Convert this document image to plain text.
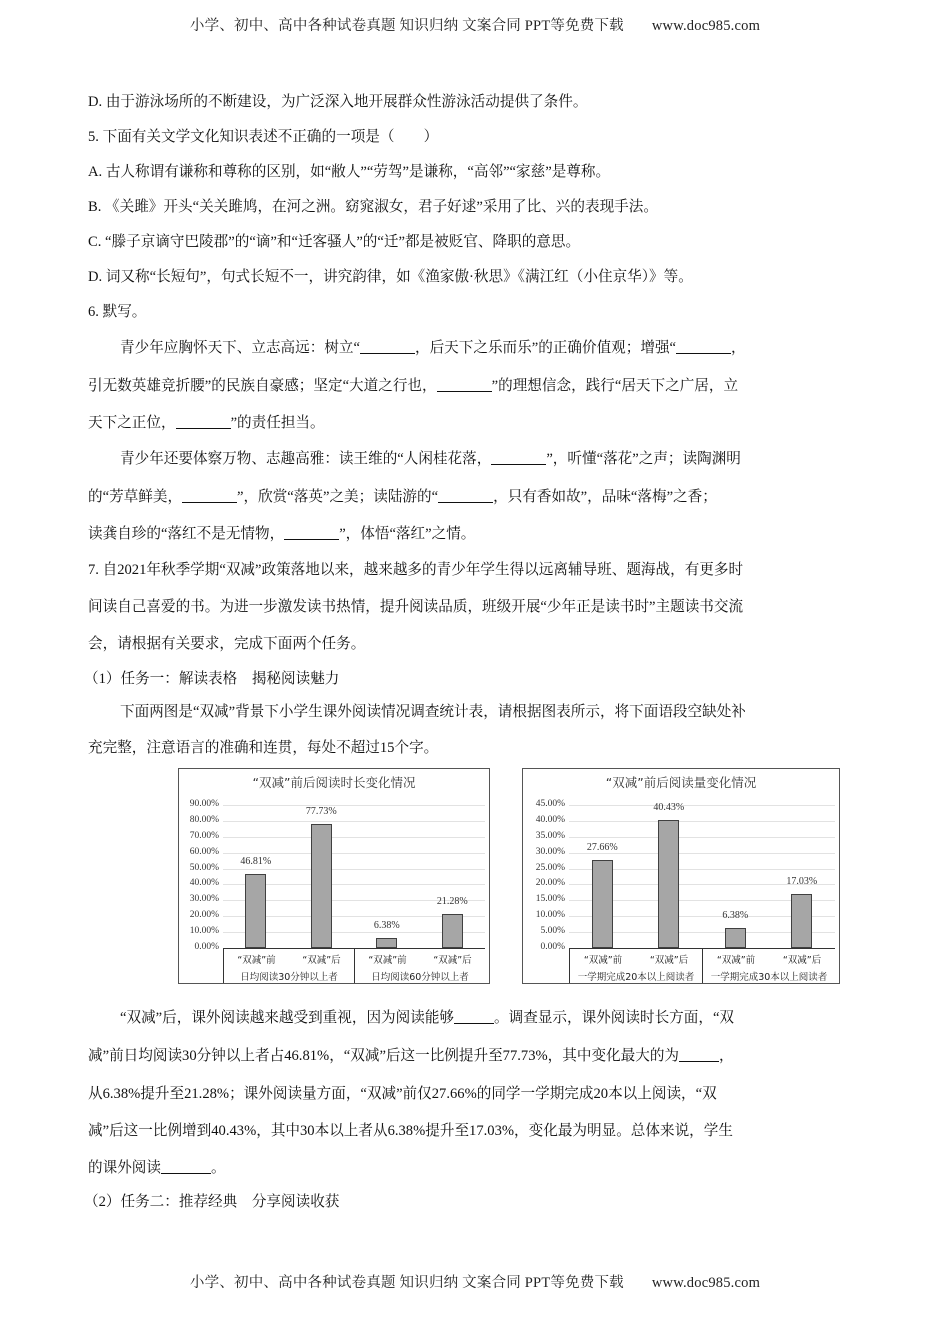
小学、初中、高中各种试卷真题 知识归纳 文案合同 PPT等免费下载 www.doc985.com
D. 由于游泳场所的不断建设，为广泛深入地开展群众性游泳活动提供了条件。
5. 下面有关文学文化知识表述不正确的一项是（　　）
A. 古人称谓有谦称和尊称的区别，如“敝人”“劳驾”是谦称，“高邻”“家慈”是尊称。
B. 《关雎》开头“关关雎鸠，在河之洲。窈窕淑女，君子好逑”采用了比、兴的表现手法。
C. “滕子京谪守巴陵郡”的“谪”和“迁客骚人”的“迁”都是被贬官、降职的意思。
D. 词又称“长短句”，句式长短不一，讲究韵律，如《渔家傲·秋思》《满江红（小住京华）》等。
6. 默写。
青少年应胸怀天下、立志高远：树立“	，后天下之乐而乐”的正确价值观；增强“	，
引无数英雄竞折腰”的民族自豪感；坚定“大道之行也，	”的理想信念，践行“居天下之广居，立
天下之正位，	”的责任担当。
青少年还要体察万物、志趣高雅：读王维的“人闲桂花落，	”，听懂“落花”之声；读陶渊明
的“芳草鲜美，	”，欣赏“落英”之美；读陆游的“	，只有香如故”，品味“落梅”之香；
读龚自珍的“落红不是无情物，	”，体悟“落红”之情。
7. 自2021年秋季学期“双减”政策落地以来，越来越多的青少年学生得以远离辅导班、题海战，有更多时
间读自己喜爱的书。为进一步激发读书热情，提升阅读品质，班级开展“少年正是读书时”主题读书交流
会，请根据有关要求，完成下面两个任务。
（1）任务一：解读表格　揭秘阅读魅力
下面两图是“双减”背景下小学生课外阅读情况调查统计表，请根据图表所示，将下面语段空缺处补
充完整，注意语言的准确和连贯，每处不超过15个字。
“双减”前后阅读时长变化情况
90.00%
80.00%
70.00%
60.00%
50.00%
40.00%
30.00%
20.00%
10.00%
0.00%
46.81%
77.73%
6.38%
21.28%
“双减”前	“双减”后
日均阅读30分钟以上者
“双减”前	“双减”后
日均阅读60分钟以上者
“双减”前后阅读量变化情况
45.00%
40.00%
35.00%
30.00%
25.00%
20.00%
15.00%
10.00%
5.00%
0.00%
27.66%
40.43%
6.38%
17.03%
“双减”前	“双减”后
一学期完成20本以上阅读者
“双减”前	“双减”后
一学期完成30本以上阅读者
“双减”后，课外阅读越来越受到重视，因为阅读能够	。调查显示，课外阅读时长方面，“双
减”前日均阅读30分钟以上者占46.81%，“双减”后这一比例提升至77.73%，其中变化最大的为	，
从6.38%提升至21.28%；课外阅读量方面，“双减”前仅27.66%的同学一学期完成20本以上阅读，“双
减”后这一比例增到40.43%，其中30本以上者从6.38%提升至17.03%，变化最为明显。总体来说，学生
的课外阅读	。
（2）任务二：推荐经典　分享阅读收获
小学、初中、高中各种试卷真题 知识归纳 文案合同 PPT等免费下载 www.doc985.com
